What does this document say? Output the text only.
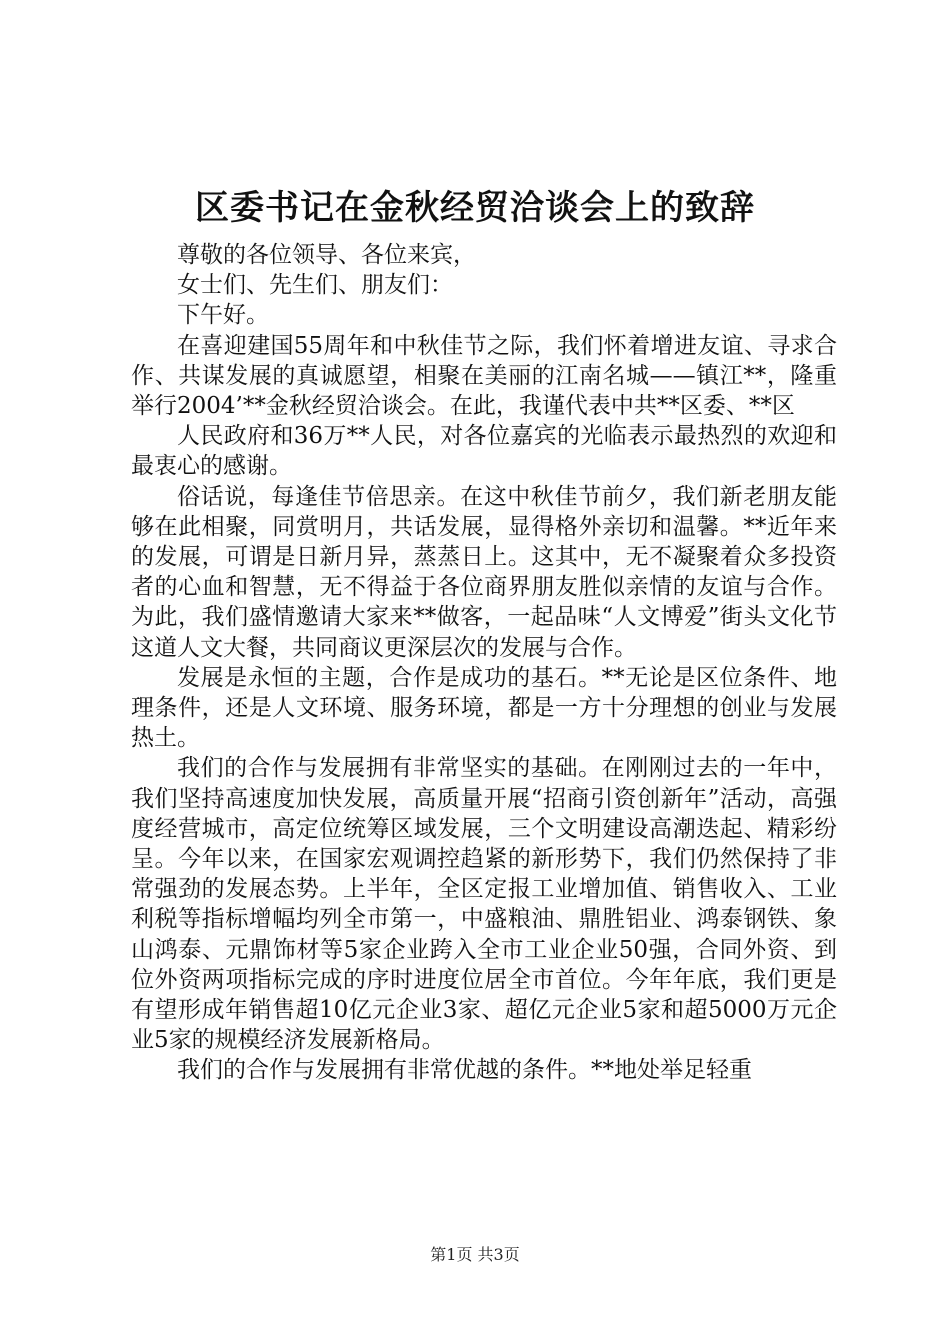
区委书记在金秋经贸洽谈会上的致辞

尊敬的各位领导、各位来宾，

女士们、先生们、朋友们：

下午好。

在喜迎建国55周年和中秋佳节之际，我们怀着增进友谊、寻求合作、共谋发展的真诚愿望，相聚在美丽的江南名城——镇江**，隆重举行2004’**金秋经贸洽谈会。在此，我谨代表中共**区委、**区

人民政府和36万**人民，对各位嘉宾的光临表示最热烈的欢迎和最衷心的感谢。

俗话说，每逢佳节倍思亲。在这中秋佳节前夕，我们新老朋友能够在此相聚，同赏明月，共话发展，显得格外亲切和温馨。**近年来的发展，可谓是日新月异，蒸蒸日上。这其中，无不凝聚着众多投资者的心血和智慧，无不得益于各位商界朋友胜似亲情的友谊与合作。为此，我们盛情邀请大家来**做客，一起品味“人文博爱”街头文化节这道人文大餐，共同商议更深层次的发展与合作。

发展是永恒的主题，合作是成功的基石。**无论是区位条件、地理条件，还是人文环境、服务环境，都是一方十分理想的创业与发展热土。

我们的合作与发展拥有非常坚实的基础。在刚刚过去的一年中，我们坚持高速度加快发展，高质量开展“招商引资创新年”活动，高强度经营城市，高定位统筹区域发展，三个文明建设高潮迭起、精彩纷呈。今年以来，在国家宏观调控趋紧的新形势下，我们仍然保持了非常强劲的发展态势。上半年，全区定报工业增加值、销售收入、工业利税等指标增幅均列全市第一，中盛粮油、鼎胜铝业、鸿泰钢铁、象山鸿泰、元鼎饰材等5家企业跨入全市工业企业50强，合同外资、到位外资两项指标完成的序时进度位居全市首位。今年年底，我们更是有望形成年销售超10亿元企业3家、超亿元企业5家和超5000万元企业5家的规模经济发展新格局。

我们的合作与发展拥有非常优越的条件。**地处举足轻重

第1页 共3页
